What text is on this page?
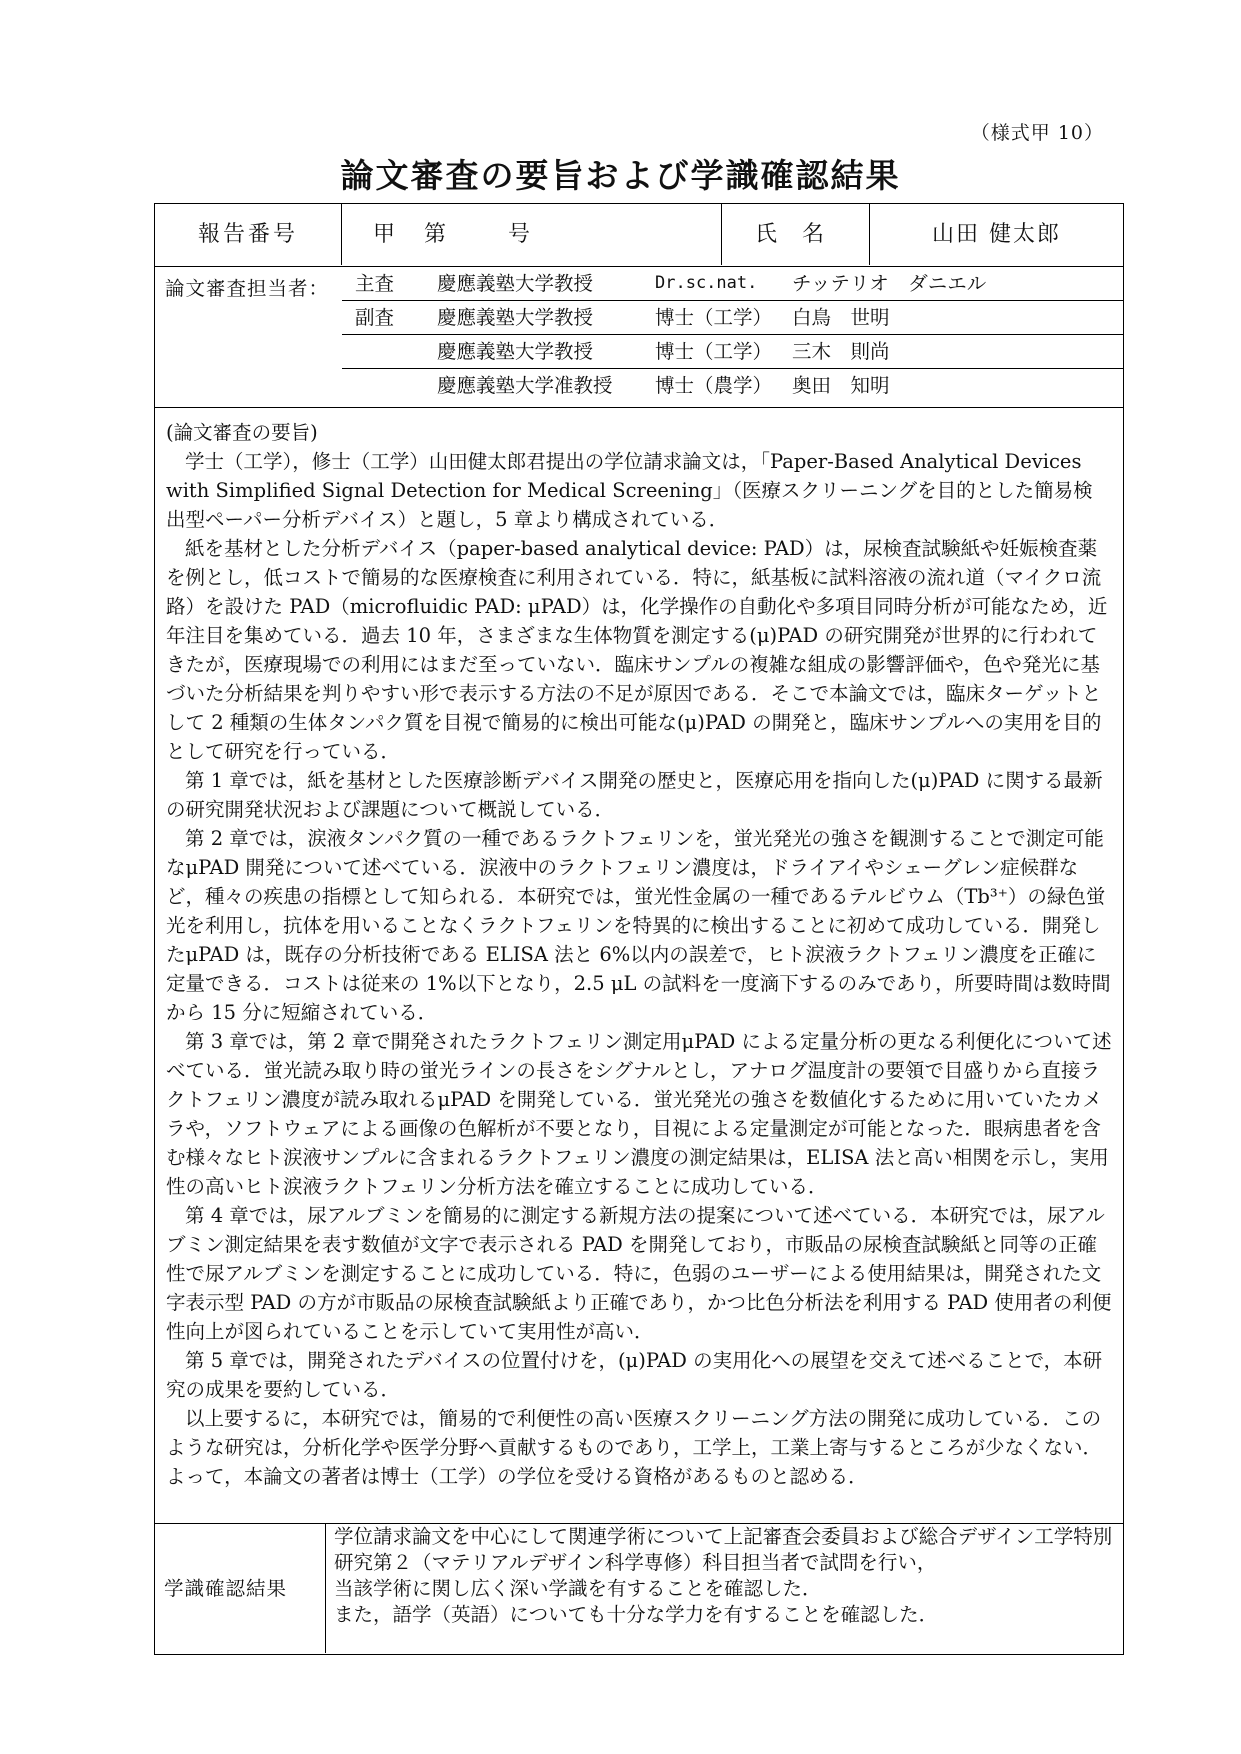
（様式甲 10）
論文審査の要旨および学識確認結果
報告番号	甲 第	号	氏 名	山田 健太郎
論文審査担当者： 主査 慶應義塾大学教授	Dr.sc.nat. チッテリオ　ダニエル
副査 慶應義塾大学教授	博士（工学） 白鳥　世明
慶應義塾大学教授	博士（工学） 三木　則尚
慶應義塾大学准教授 博士（農学） 奥田　知明
(論文審査の要旨)

学士（工学），修士（工学）山田健太郎君提出の学位請求論文は，「Paper-Based Analytical Devices with Simplified Signal Detection for Medical Screening」（医療スクリーニングを目的とした簡易検出型ペーパー分析デバイス）と題し，5 章より構成されている．

紙を基材とした分析デバイス（paper-based analytical device: PAD）は，尿検査試験紙や妊娠検査薬を例とし，低コストで簡易的な医療検査に利用されている．特に，紙基板に試料溶液の流れ道（マイクロ流路）を設けた PAD（microfluidic PAD: μPAD）は，化学操作の自動化や多項目同時分析が可能なため，近年注目を集めている．過去 10 年，さまざまな生体物質を測定する(μ)PAD の研究開発が世界的に行われてきたが，医療現場での利用にはまだ至っていない．臨床サンプルの複雑な組成の影響評価や，色や発光に基づいた分析結果を判りやすい形で表示する方法の不足が原因である．そこで本論文では，臨床ターゲットとして 2 種類の生体タンパク質を目視で簡易的に検出可能な(μ)PAD の開発と，臨床サンプルへの実用を目的として研究を行っている．

第 1 章では，紙を基材とした医療診断デバイス開発の歴史と，医療応用を指向した(μ)PAD に関する最新の研究開発状況および課題について概説している．

第 2 章では，涙液タンパク質の一種であるラクトフェリンを，蛍光発光の強さを観測することで測定可能なμPAD 開発について述べている．涙液中のラクトフェリン濃度は，ドライアイやシェーグレン症候群など，種々の疾患の指標として知られる．本研究では，蛍光性金属の一種であるテルビウム（Tb³⁺）の緑色蛍光を利用し，抗体を用いることなくラクトフェリンを特異的に検出することに初めて成功している．開発したμPAD は，既存の分析技術である ELISA 法と 6%以内の誤差で，ヒト涙液ラクトフェリン濃度を正確に定量できる．コストは従来の 1%以下となり，2.5 μL の試料を一度滴下するのみであり，所要時間は数時間から 15 分に短縮されている．

第 3 章では，第 2 章で開発されたラクトフェリン測定用μPAD による定量分析の更なる利便化について述べている．蛍光読み取り時の蛍光ラインの長さをシグナルとし，アナログ温度計の要領で目盛りから直接ラクトフェリン濃度が読み取れるμPAD を開発している．蛍光発光の強さを数値化するために用いていたカメラや，ソフトウェアによる画像の色解析が不要となり，目視による定量測定が可能となった．眼病患者を含む様々なヒト涙液サンプルに含まれるラクトフェリン濃度の測定結果は，ELISA 法と高い相関を示し，実用性の高いヒト涙液ラクトフェリン分析方法を確立することに成功している．

第 4 章では，尿アルブミンを簡易的に測定する新規方法の提案について述べている．本研究では，尿アルブミン測定結果を表す数値が文字で表示される PAD を開発しており，市販品の尿検査試験紙と同等の正確性で尿アルブミンを測定することに成功している．特に，色弱のユーザーによる使用結果は，開発された文字表示型 PAD の方が市販品の尿検査試験紙より正確であり，かつ比色分析法を利用する PAD 使用者の利便性向上が図られていることを示していて実用性が高い．

第 5 章では，開発されたデバイスの位置付けを，(μ)PAD の実用化への展望を交えて述べることで，本研究の成果を要約している．

以上要するに，本研究では，簡易的で利便性の高い医療スクリーニング方法の開発に成功している．このような研究は，分析化学や医学分野へ貢献するものであり，工学上，工業上寄与するところが少なくない．よって，本論文の著者は博士（工学）の学位を受ける資格があるものと認める．

学識確認結果
学位請求論文を中心にして関連学術について上記審査会委員および総合デザイン工学特別研究第２（マテリアルデザイン科学専修）科目担当者で試問を行い，
当該学術に関し広く深い学識を有することを確認した．
また，語学（英語）についても十分な学力を有することを確認した．
